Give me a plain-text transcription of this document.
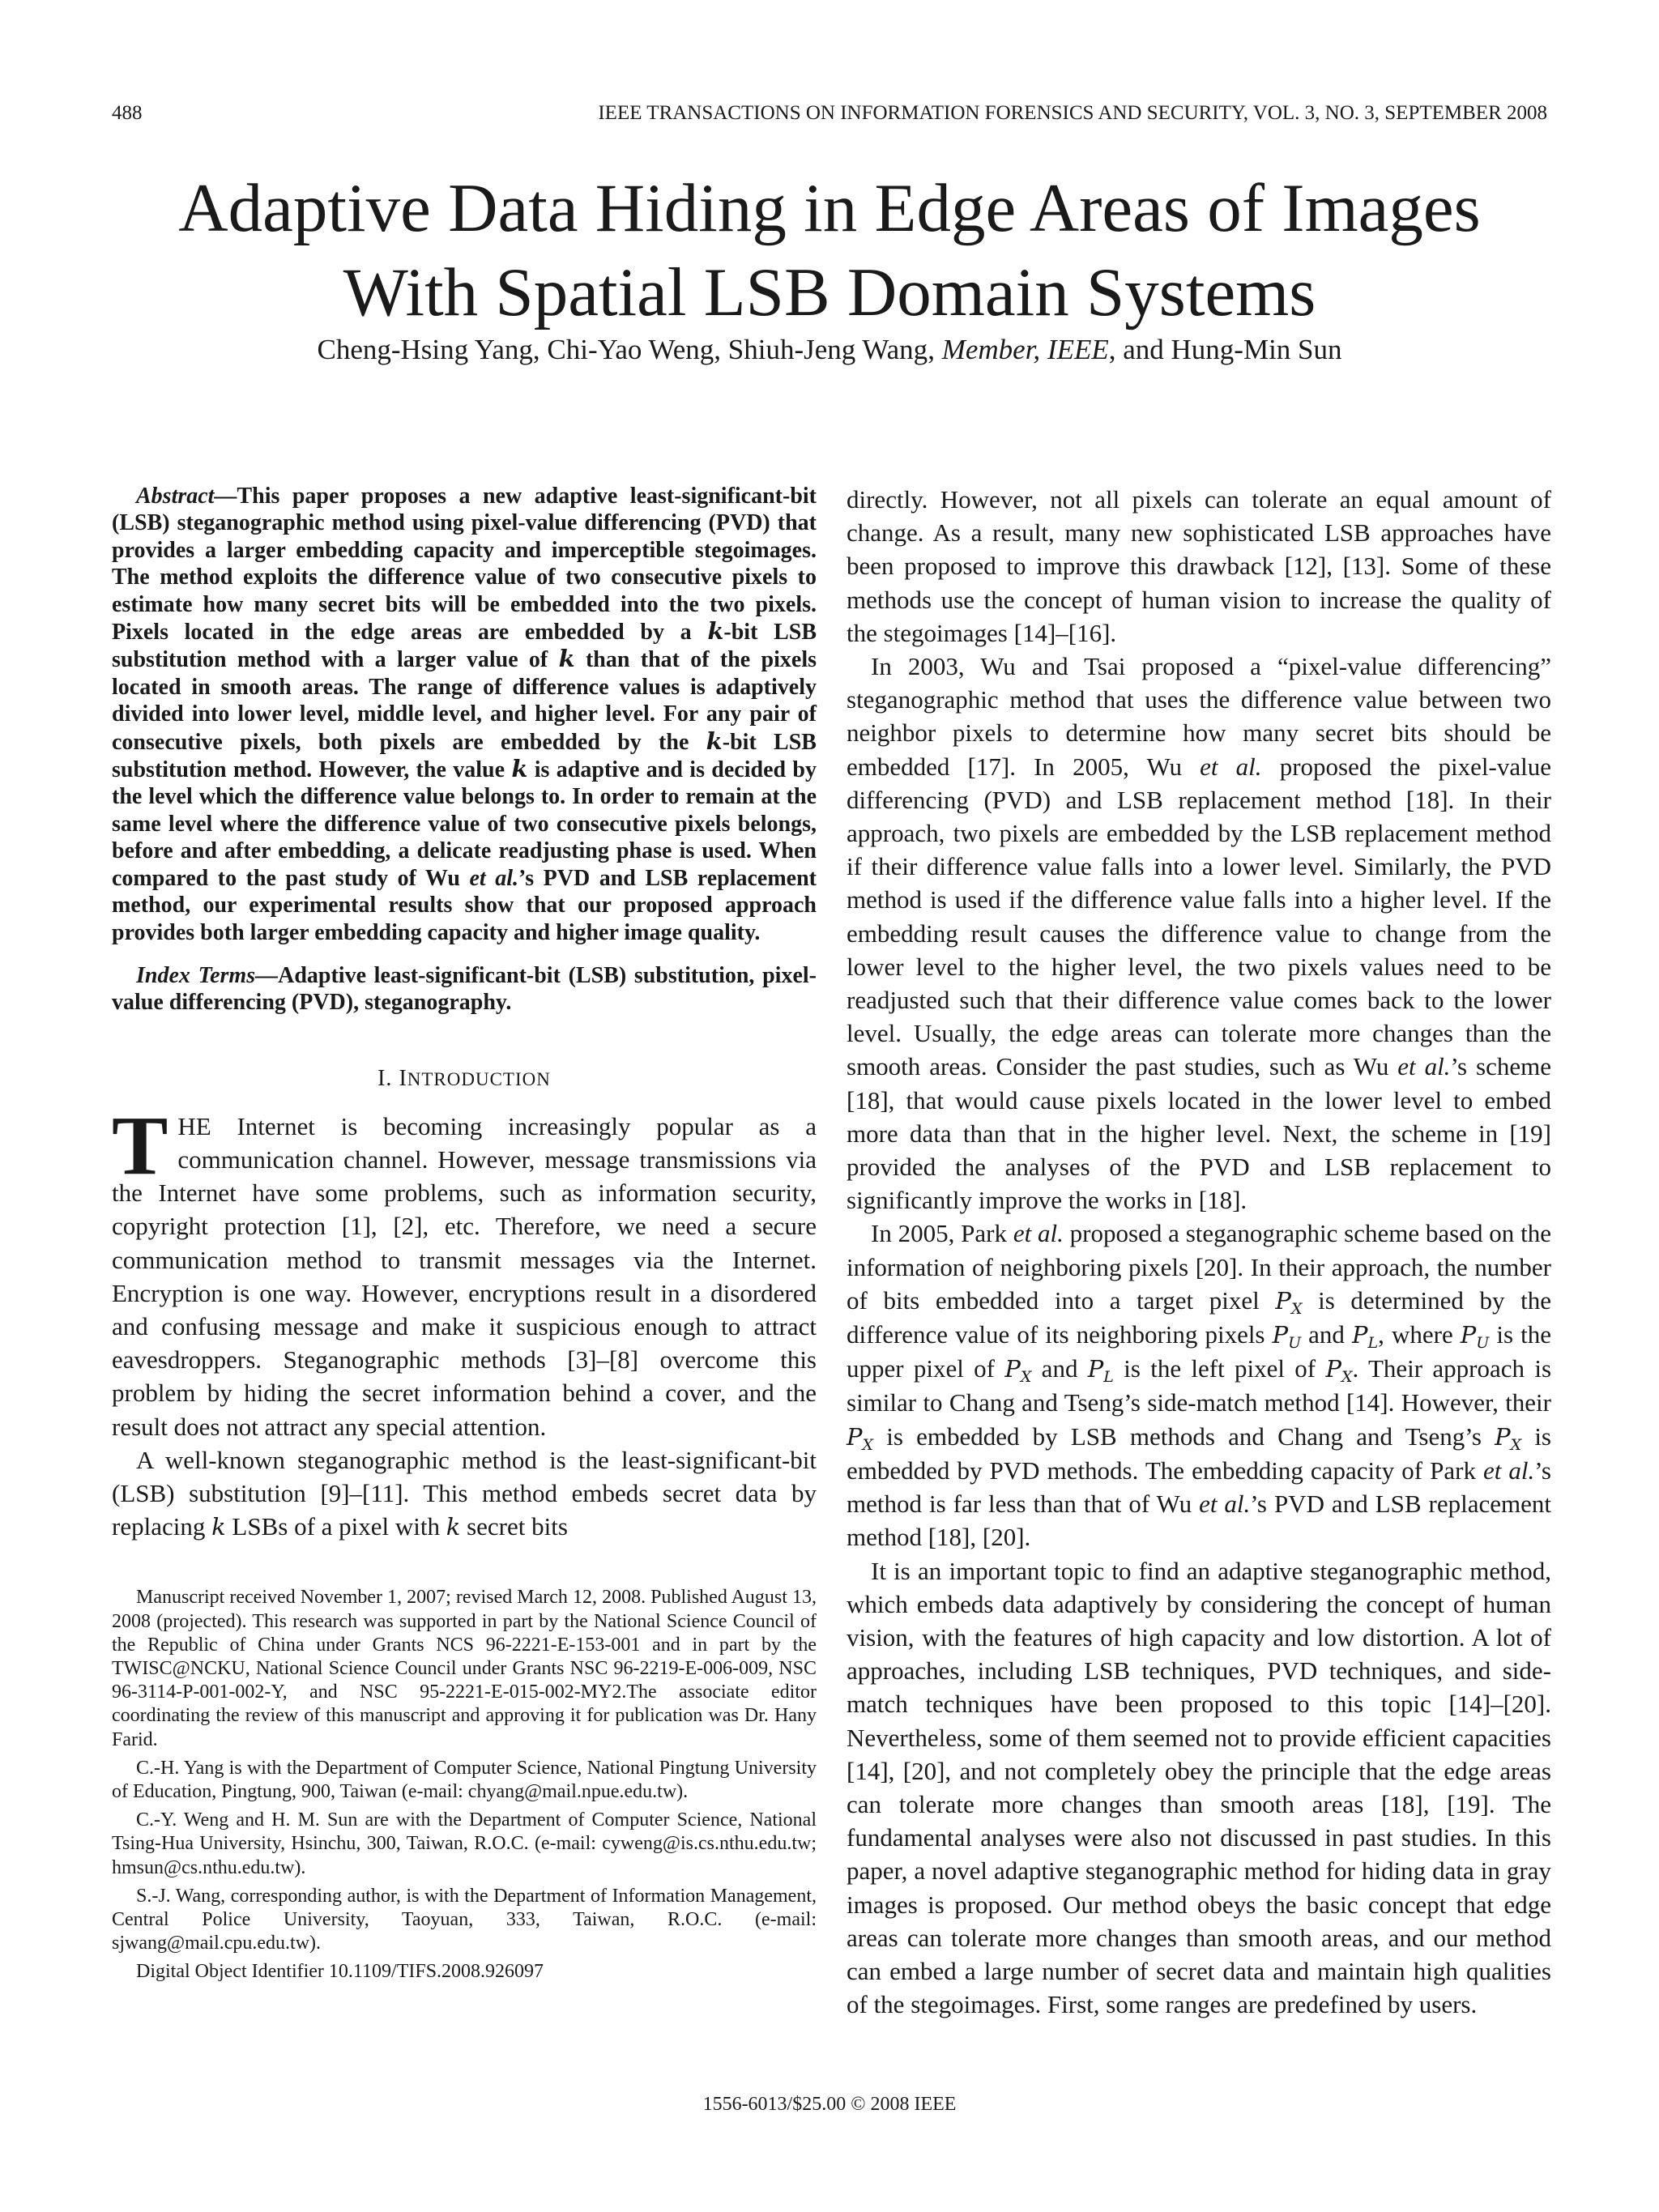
488	IEEE TRANSACTIONS ON INFORMATION FORENSICS AND SECURITY, VOL. 3, NO. 3, SEPTEMBER 2008
Adaptive Data Hiding in Edge Areas of Images
With Spatial LSB Domain Systems
Cheng-Hsing Yang, Chi-Yao Weng, Shiuh-Jeng Wang, Member, IEEE, and Hung-Min Sun

Abstract—This paper proposes a new adaptive least-significant-bit (LSB) steganographic method using pixel-value differencing (PVD) that provides a larger embedding capacity and imperceptible stegoimages. The method exploits the difference value of two consecutive pixels to estimate how many secret bits will be embedded into the two pixels. Pixels located in the edge areas are embedded by a k-bit LSB substitution method with a larger value of k than that of the pixels located in smooth areas. The range of difference values is adaptively divided into lower level, middle level, and higher level. For any pair of consecutive pixels, both pixels are embedded by the k-bit LSB substitution method. However, the value k is adaptive and is decided by the level which the difference value belongs to. In order to remain at the same level where the difference value of two consecutive pixels belongs, before and after embedding, a delicate readjusting phase is used. When compared to the past study of Wu et al.’s PVD and LSB replacement method, our experimental results show that our proposed approach provides both larger embedding capacity and higher image quality.

Index Terms—Adaptive least-significant-bit (LSB) substitution, pixel-value differencing (PVD), steganography.

I. INTRODUCTION

THE Internet is becoming increasingly popular as a communication channel. However, message transmissions via the Internet have some problems, such as information security, copyright protection [1], [2], etc. Therefore, we need a secure communication method to transmit messages via the Internet. Encryption is one way. However, encryptions result in a disordered and confusing message and make it suspicious enough to attract eavesdroppers. Steganographic methods [3]–[8] overcome this problem by hiding the secret information behind a cover, and the result does not attract any special attention.

A well-known steganographic method is the least-significant-bit (LSB) substitution [9]–[11]. This method embeds secret data by replacing k LSBs of a pixel with k secret bits

Manuscript received November 1, 2007; revised March 12, 2008. Published August 13, 2008 (projected). This research was supported in part by the National Science Council of the Republic of China under Grants NCS 96-2221-E-153-001 and in part by the TWISC@NCKU, National Science Council under Grants NSC 96-2219-E-006-009, NSC 96-3114-P-001-002-Y, and NSC 95-2221-E-015-002-MY2.The associate editor coordinating the review of this manuscript and approving it for publication was Dr. Hany Farid.

C.-H. Yang is with the Department of Computer Science, National Pingtung University of Education, Pingtung, 900, Taiwan (e-mail: chyang@mail.npue.edu.tw).

C.-Y. Weng and H. M. Sun are with the Department of Computer Science, National Tsing-Hua University, Hsinchu, 300, Taiwan, R.O.C. (e-mail: cyweng@is.cs.nthu.edu.tw; hmsun@cs.nthu.edu.tw).

S.-J. Wang, corresponding author, is with the Department of Information Management, Central Police University, Taoyuan, 333, Taiwan, R.O.C. (e-mail: sjwang@mail.cpu.edu.tw).

Digital Object Identifier 10.1109/TIFS.2008.926097

directly. However, not all pixels can tolerate an equal amount of change. As a result, many new sophisticated LSB approaches have been proposed to improve this drawback [12], [13]. Some of these methods use the concept of human vision to increase the quality of the stegoimages [14]–[16].

In 2003, Wu and Tsai proposed a “pixel-value differencing” steganographic method that uses the difference value between two neighbor pixels to determine how many secret bits should be embedded [17]. In 2005, Wu et al. proposed the pixel-value differencing (PVD) and LSB replacement method [18]. In their approach, two pixels are embedded by the LSB replacement method if their difference value falls into a lower level. Similarly, the PVD method is used if the difference value falls into a higher level. If the embedding result causes the difference value to change from the lower level to the higher level, the two pixels values need to be readjusted such that their difference value comes back to the lower level. Usually, the edge areas can tolerate more changes than the smooth areas. Consider the past studies, such as Wu et al.’s scheme [18], that would cause pixels located in the lower level to embed more data than that in the higher level. Next, the scheme in [19] provided the analyses of the PVD and LSB replacement to significantly improve the works in [18].

In 2005, Park et al. proposed a steganographic scheme based on the information of neighboring pixels [20]. In their approach, the number of bits embedded into a target pixel $P_X$ is determined by the difference value of its neighboring pixels $P_U$ and $P_L$, where $P_U$ is the upper pixel of $P_X$ and $P_L$ is the left pixel of $P_X$. Their approach is similar to Chang and Tseng’s side-match method [14]. However, their $P_X$ is embedded by LSB methods and Chang and Tseng’s $P_X$ is embedded by PVD methods. The embedding capacity of Park et al.’s method is far less than that of Wu et al.’s PVD and LSB replacement method [18], [20].

It is an important topic to find an adaptive steganographic method, which embeds data adaptively by considering the concept of human vision, with the features of high capacity and low distortion. A lot of approaches, including LSB techniques, PVD techniques, and side-match techniques have been proposed to this topic [14]–[20]. Nevertheless, some of them seemed not to provide efficient capacities [14], [20], and not completely obey the principle that the edge areas can tolerate more changes than smooth areas [18], [19]. The fundamental analyses were also not discussed in past studies. In this paper, a novel adaptive steganographic method for hiding data in gray images is proposed. Our method obeys the basic concept that edge areas can tolerate more changes than smooth areas, and our method can embed a large number of secret data and maintain high qualities of the stegoimages. First, some ranges are predefined by users.

1556-6013/$25.00 © 2008 IEEE
